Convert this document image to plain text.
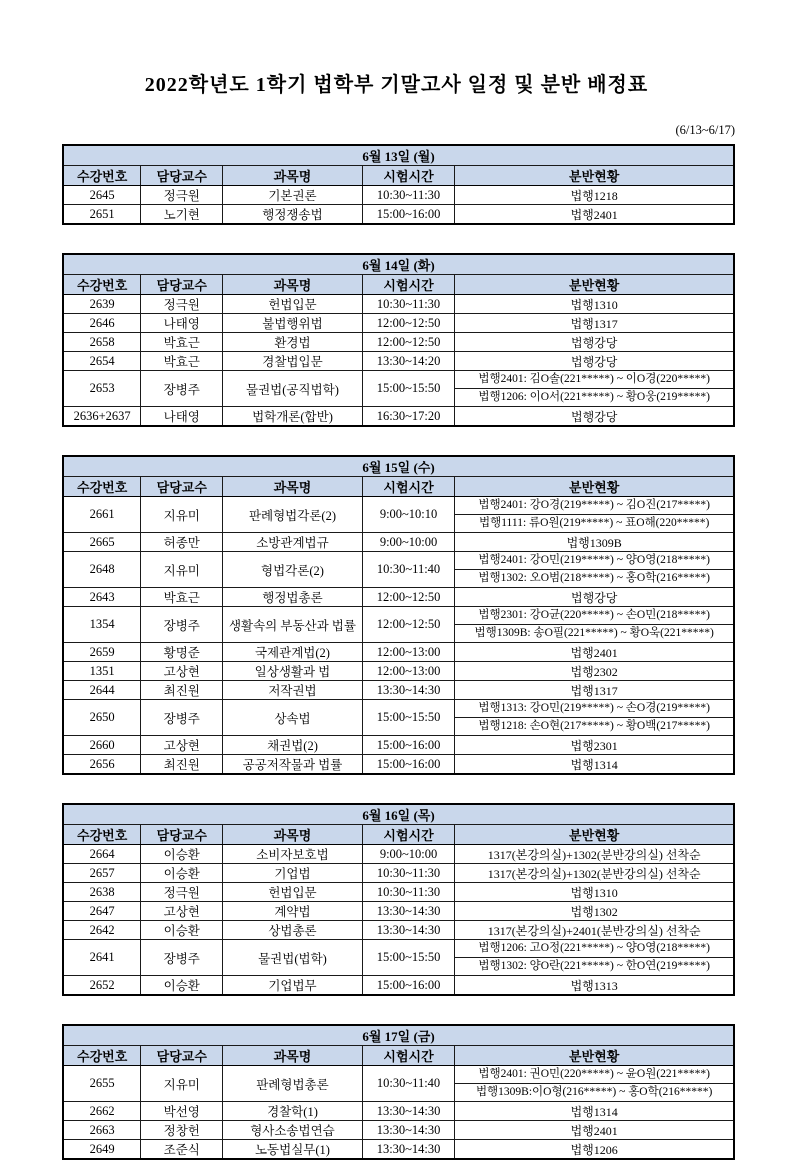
2022학년도 1학기 법학부 기말고사 일정 및 분반 배정표
(6/13~6/17)
6월 13일 (월)				
수강번호	담당교수	과목명	시험시간	분반현황
2645	정극원	기본권론	10:30~11:30	법행1218
2651	노기현	행정쟁송법	15:00~16:00	법행2401
6월 14일 (화)				
수강번호	담당교수	과목명	시험시간	분반현황
2639	정극원	헌법입문	10:30~11:30	법행1310
2646	나태영	불법행위법	12:00~12:50	법행1317
2658	박효근	환경법	12:00~12:50	법행강당
2654	박효근	경찰법입문	13:30~14:20	법행강당
2653	장병주	물권법(공직법학)	15:00~15:50	법행2401: 김O솔(221*****) ~ 이O경(220*****)
법행1206: 이O서(221*****) ~ 황O웅(219*****)

2636+2637	나태영	법학개론(합반)	16:30~17:20	법행강당
6월 15일 (수)				
수강번호	담당교수	과목명	시험시간	분반현황
2661	지유미	판례형법각론(2)	9:00~10:10	법행2401: 강O경(219*****) ~ 김O진(217*****)
법행1111: 류O원(219*****) ~ 표O해(220*****)

2665	허종만	소방관계법규	9:00~10:00	법행1309B
2648	지유미	형법각론(2)	10:30~11:40	법행2401: 강O민(219*****) ~ 양O영(218*****)
법행1302: 오O범(218*****) ~ 홍O학(216*****)

2643	박효근	행정법총론	12:00~12:50	법행강당
1354	장병주	생활속의 부동산과 법률	12:00~12:50	법행2301: 강O균(220*****) ~ 손O민(218*****)
법행1309B: 송O필(221*****) ~ 황O욱(221*****)

2659	황명준	국제관계법(2)	12:00~13:00	법행2401
1351	고상현	일상생활과 법	12:00~13:00	법행2302
2644	최진원	저작권법	13:30~14:30	법행1317
2650	장병주	상속법	15:00~15:50	법행1313: 강O민(219*****) ~ 손O경(219*****)
법행1218: 손O현(217*****) ~ 황O백(217*****)

2660	고상현	채권법(2)	15:00~16:00	법행2301
2656	최진원	공공저작물과 법률	15:00~16:00	법행1314
6월 16일 (목)				
수강번호	담당교수	과목명	시험시간	분반현황
2664	이승환	소비자보호법	9:00~10:00	1317(본강의실)+1302(분반강의실) 선착순
2657	이승환	기업법	10:30~11:30	1317(본강의실)+1302(분반강의실) 선착순
2638	정극원	헌법입문	10:30~11:30	법행1310
2647	고상현	계약법	13:30~14:30	법행1302
2642	이승환	상법총론	13:30~14:30	1317(본강의실)+2401(분반강의실) 선착순
2641	장병주	물권법(법학)	15:00~15:50	법행1206: 고O정(221*****) ~ 양O영(218*****)
법행1302: 양O란(221*****) ~ 한O연(219*****)

2652	이승환	기업법무	15:00~16:00	법행1313
6월 17일 (금)				
수강번호	담당교수	과목명	시험시간	분반현황
2655	지유미	판례형법총론	10:30~11:40	법행2401: 권O민(220*****) ~ 윤O원(221*****)
법행1309B:이O형(216*****) ~ 홍O학(216*****)

2662	박선영	경찰학(1)	13:30~14:30	법행1314
2663	정창헌	형사소송법연습	13:30~14:30	법행2401
2649	조준식	노동법실무(1)	13:30~14:30	법행1206
